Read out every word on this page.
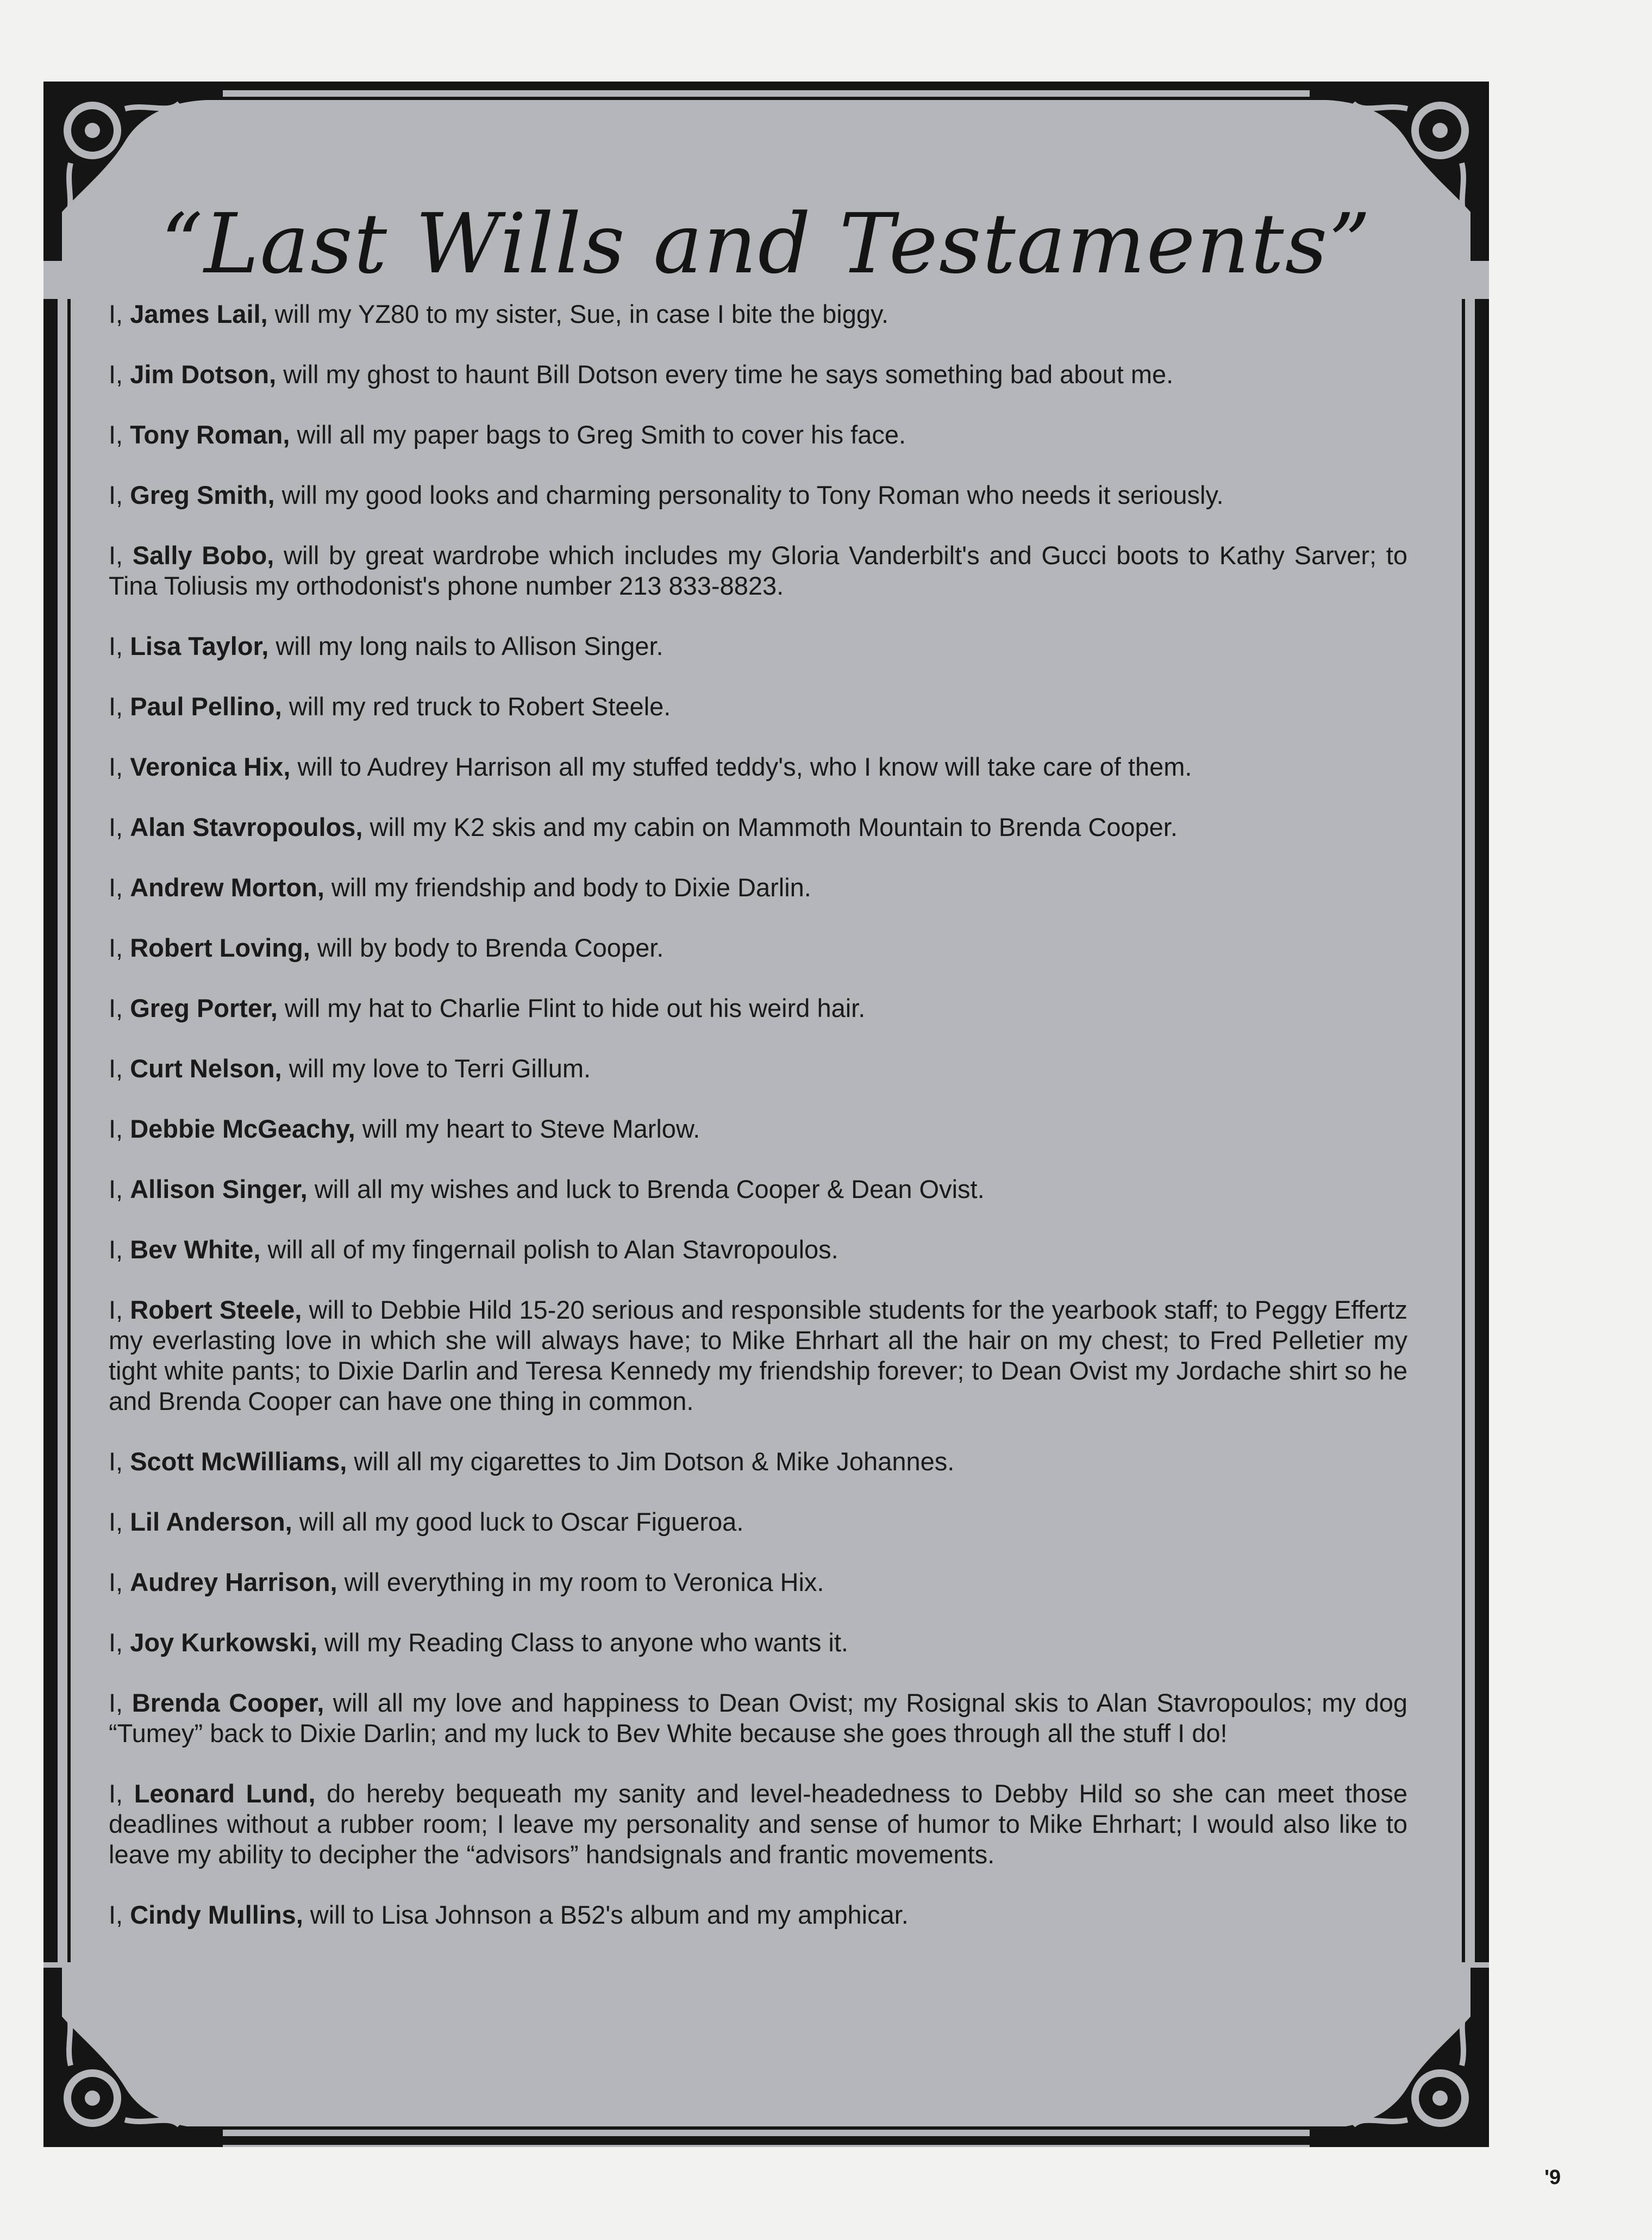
“Last Wills and Testaments”
I, James Lail, will my YZ80 to my sister, Sue, in case I bite the biggy.
I, Jim Dotson, will my ghost to haunt Bill Dotson every time he says something bad about me.
I, Tony Roman, will all my paper bags to Greg Smith to cover his face.
I, Greg Smith, will my good looks and charming personality to Tony Roman who needs it seriously.
I, Sally Bobo, will by great wardrobe which includes my Gloria Vanderbilt's and Gucci boots to Kathy Sarver; to Tina Toliusis my orthodonist's phone number 213 833-8823.
I, Lisa Taylor, will my long nails to Allison Singer.
I, Paul Pellino, will my red truck to Robert Steele.
I, Veronica Hix, will to Audrey Harrison all my stuffed teddy's, who I know will take care of them.
I, Alan Stavropoulos, will my K2 skis and my cabin on Mammoth Mountain to Brenda Cooper.
I, Andrew Morton, will my friendship and body to Dixie Darlin.
I, Robert Loving, will by body to Brenda Cooper.
I, Greg Porter, will my hat to Charlie Flint to hide out his weird hair.
I, Curt Nelson, will my love to Terri Gillum.
I, Debbie McGeachy, will my heart to Steve Marlow.
I, Allison Singer, will all my wishes and luck to Brenda Cooper & Dean Ovist.
I, Bev White, will all of my fingernail polish to Alan Stavropoulos.
I, Robert Steele, will to Debbie Hild 15-20 serious and responsible students for the yearbook staff; to Peggy Effertz my everlasting love in which she will always have; to Mike Ehrhart all the hair on my chest; to Fred Pelletier my tight white pants; to Dixie Darlin and Teresa Kennedy my friendship forever; to Dean Ovist my Jordache shirt so he and Brenda Cooper can have one thing in common.
I, Scott McWilliams, will all my cigarettes to Jim Dotson & Mike Johannes.
I, Lil Anderson, will all my good luck to Oscar Figueroa.
I, Audrey Harrison, will everything in my room to Veronica Hix.
I, Joy Kurkowski, will my Reading Class to anyone who wants it.
I, Brenda Cooper, will all my love and happiness to Dean Ovist; my Rosignal skis to Alan Stavropoulos; my dog “Tumey” back to Dixie Darlin; and my luck to Bev White because she goes through all the stuff I do!
I, Leonard Lund, do hereby bequeath my sanity and level-headedness to Debby Hild so she can meet those deadlines without a rubber room; I leave my personality and sense of humor to Mike Ehrhart; I would also like to leave my ability to decipher the “advisors” handsignals and frantic movements.
I, Cindy Mullins, will to Lisa Johnson a B52's album and my amphicar.
'9
